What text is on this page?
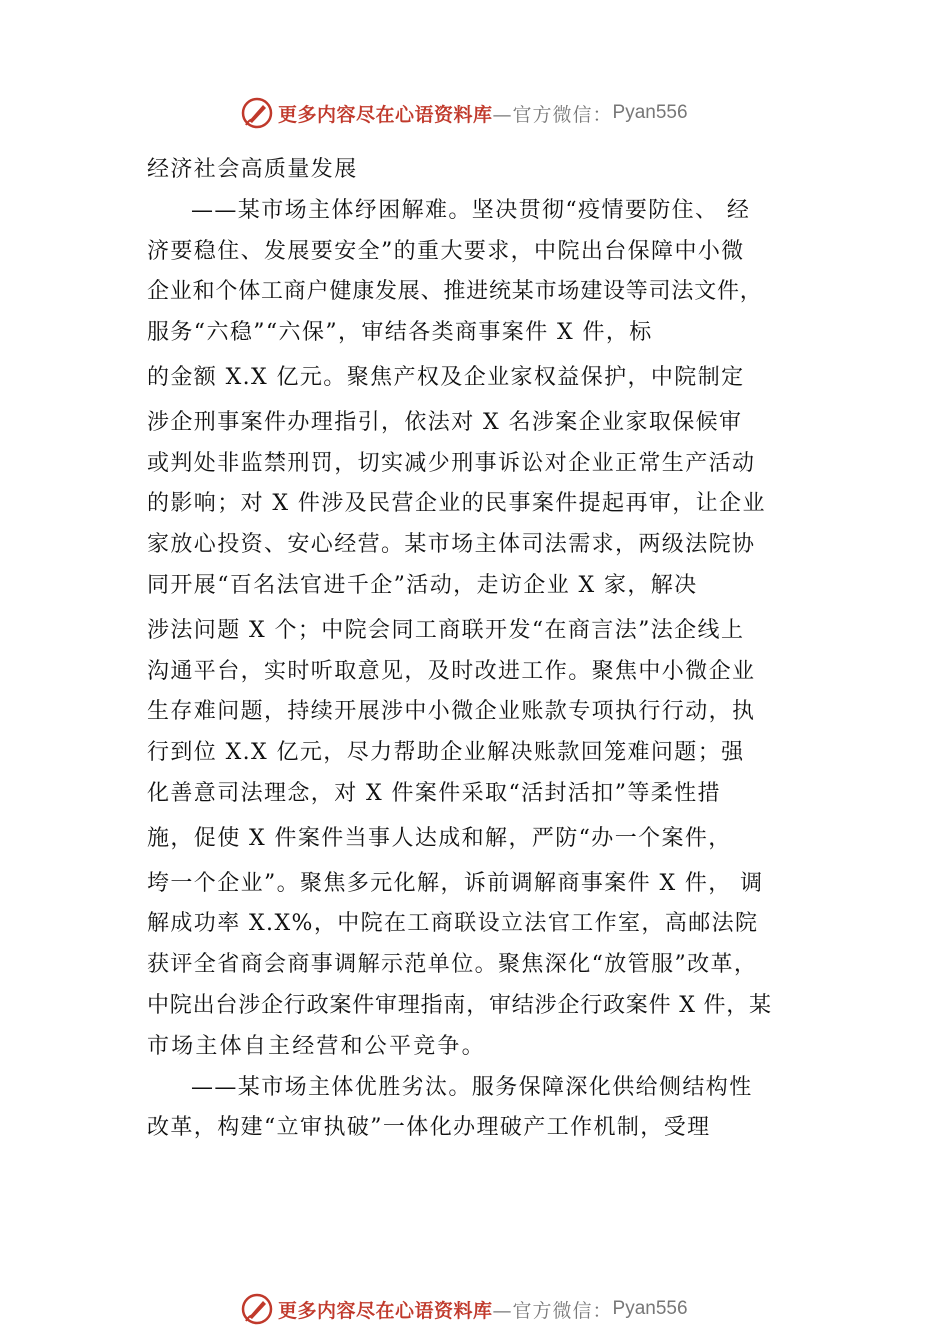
更多内容尽在心语资料库 —官方微信： Pyan556
经济社会高质量发展
——某市场主体纾困解难。坚决贯彻“疫情要防住、 经
济要稳住、发展要安全”的重大要求，中院出台保障中小微
企业和个体工商户健康发展、推进统某市场建设等司法文件，
服务“六稳”“六保”，审结各类商事案件 X 件，标
的金额 X.X 亿元。聚焦产权及企业家权益保护，中院制定
涉企刑事案件办理指引，依法对 X 名涉案企业家取保候审
或判处非监禁刑罚，切实减少刑事诉讼对企业正常生产活动
的影响；对 X 件涉及民营企业的民事案件提起再审，让企业
家放心投资、安心经营。某市场主体司法需求，两级法院协
同开展“百名法官进千企”活动，走访企业 X 家，解决
涉法问题 X 个；中院会同工商联开发“在商言法”法企线上
沟通平台，实时听取意见，及时改进工作。聚焦中小微企业
生存难问题，持续开展涉中小微企业账款专项执行行动，执
行到位 X.X 亿元，尽力帮助企业解决账款回笼难问题；强
化善意司法理念，对 X 件案件采取“活封活扣”等柔性措
施，促使 X 件案件当事人达成和解，严防“办一个案件，
垮一个企业”。聚焦多元化解，诉前调解商事案件 X 件， 调
解成功率 X.X%，中院在工商联设立法官工作室，高邮法院
获评全省商会商事调解示范单位。聚焦深化“放管服”改革，
中院出台涉企行政案件审理指南，审结涉企行政案件 X 件，某
市场主体自主经营和公平竞争。
——某市场主体优胜劣汰。服务保障深化供给侧结构性
改革，构建“立审执破”一体化办理破产工作机制，受理
更多内容尽在心语资料库 —官方微信： Pyan556
